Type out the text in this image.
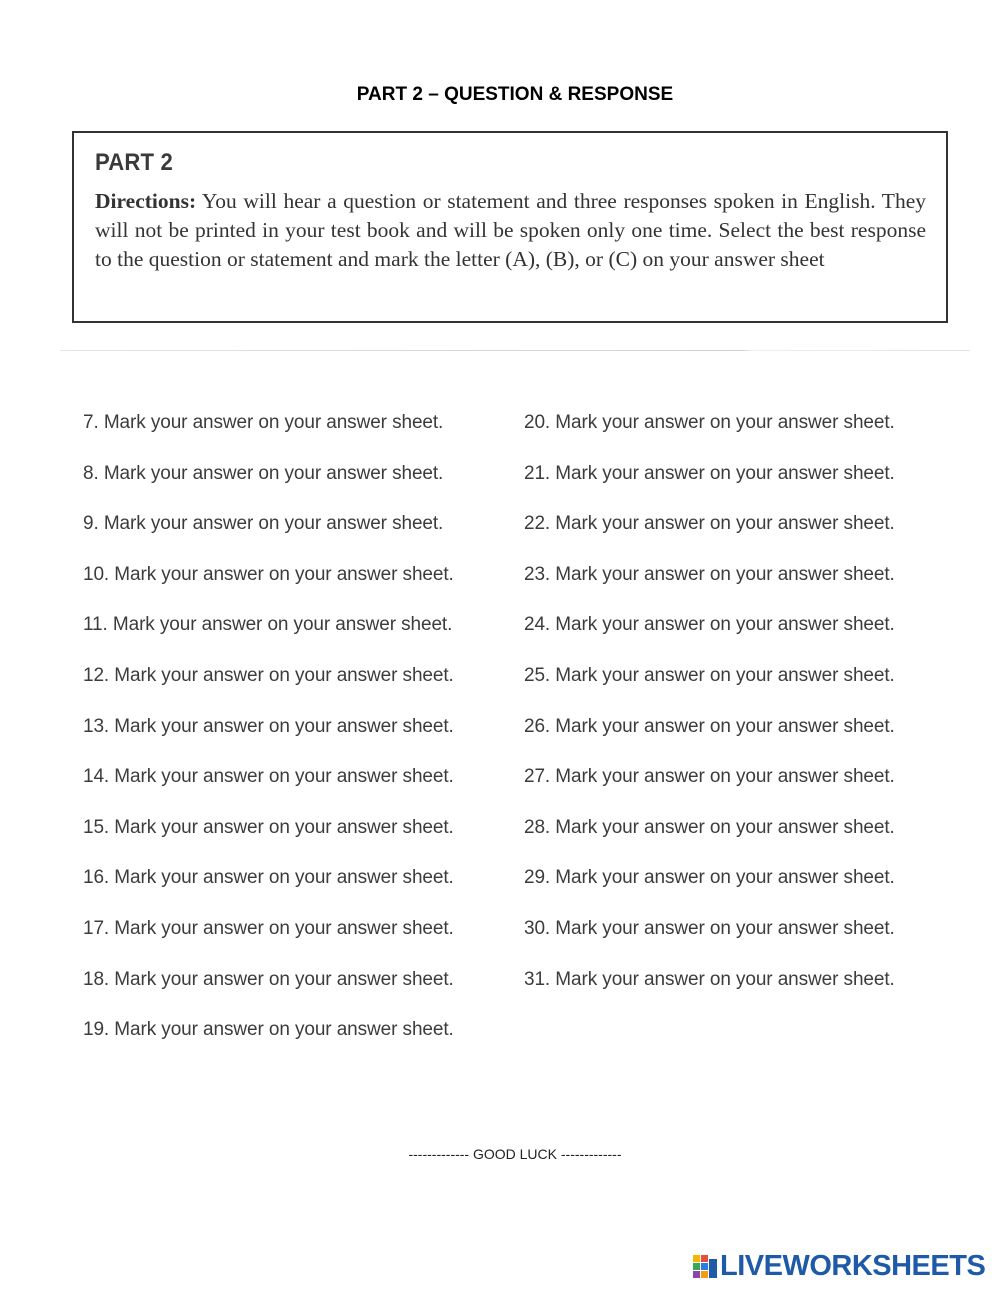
PART 2 – QUESTION & RESPONSE
PART 2

Directions: You will hear a question or statement and three responses spoken in English. They will not be printed in your test book and will be spoken only one time. Select the best response to the question or statement and mark the letter (A), (B), or (C) on your answer sheet

7. Mark your answer on your answer sheet.
8. Mark your answer on your answer sheet.
9. Mark your answer on your answer sheet.
10. Mark your answer on your answer sheet.
11. Mark your answer on your answer sheet.
12. Mark your answer on your answer sheet.
13. Mark your answer on your answer sheet.
14. Mark your answer on your answer sheet.
15. Mark your answer on your answer sheet.
16. Mark your answer on your answer sheet.
17. Mark your answer on your answer sheet.
18. Mark your answer on your answer sheet.
19. Mark your answer on your answer sheet.
20. Mark your answer on your answer sheet.
21. Mark your answer on your answer sheet.
22. Mark your answer on your answer sheet.
23. Mark your answer on your answer sheet.
24. Mark your answer on your answer sheet.
25. Mark your answer on your answer sheet.
26. Mark your answer on your answer sheet.
27. Mark your answer on your answer sheet.
28. Mark your answer on your answer sheet.
29. Mark your answer on your answer sheet.
30. Mark your answer on your answer sheet.
31. Mark your answer on your answer sheet.
------------- GOOD LUCK -------------
LIVEWORKSHEETS
